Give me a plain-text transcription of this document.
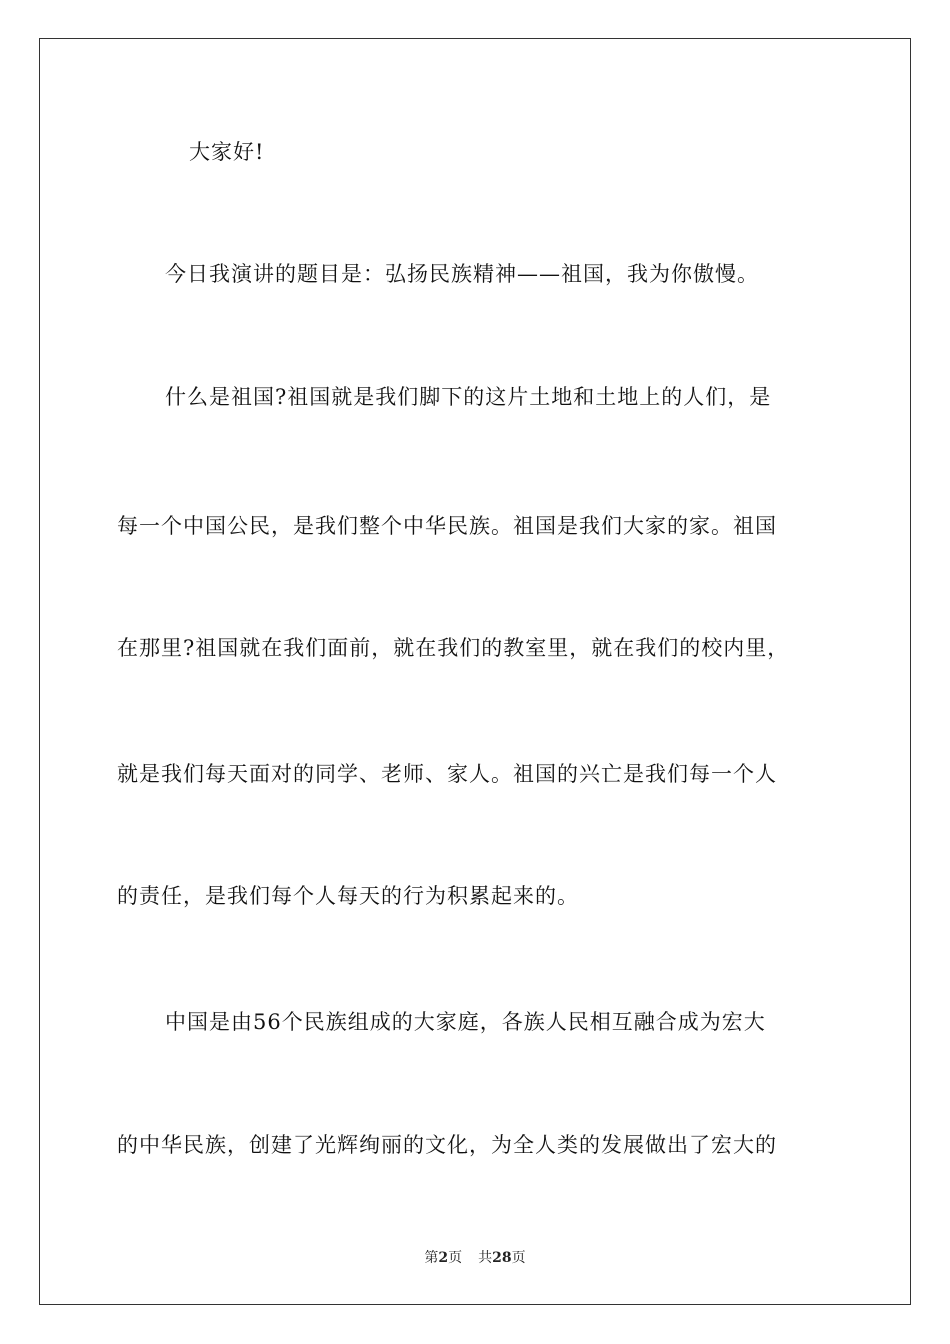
大家好!
今日我演讲的题目是：弘扬民族精神——祖国，我为你傲慢。
什么是祖国?祖国就是我们脚下的这片土地和土地上的人们，是
每一个中国公民，是我们整个中华民族。祖国是我们大家的家。祖国
在那里?祖国就在我们面前，就在我们的教室里，就在我们的校内里，
就是我们每天面对的同学、老师、家人。祖国的兴亡是我们每一个人
的责任，是我们每个人每天的行为积累起来的。
中国是由56个民族组成的大家庭，各族人民相互融合成为宏大
的中华民族，创建了光辉绚丽的文化，为全人类的发展做出了宏大的
第2页 共28页
